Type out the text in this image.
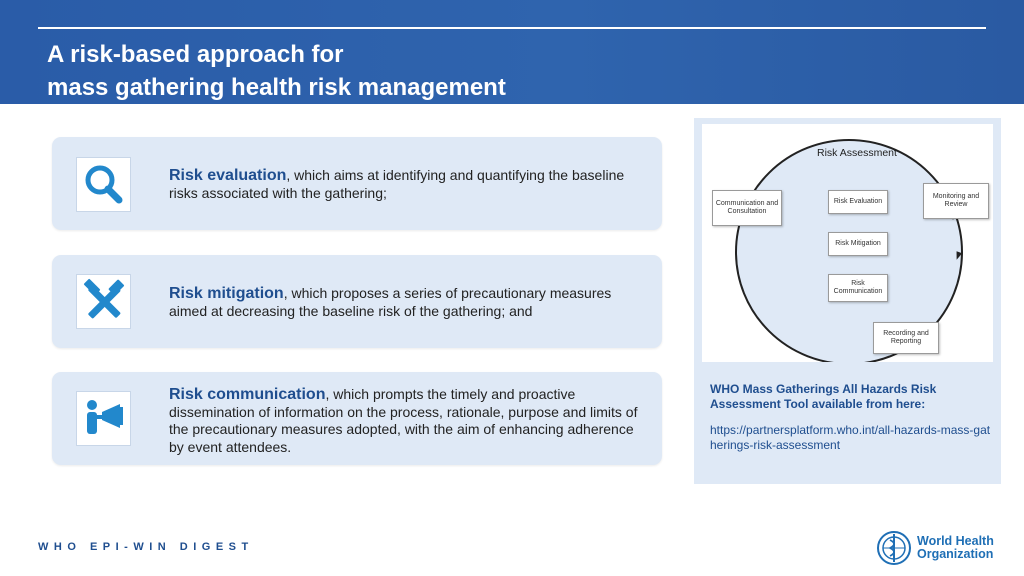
A risk-based approach for
mass gathering health risk management
Risk evaluation, which aims at identifying and quantifying the baseline risks associated with the gathering;
Risk mitigation, which proposes a series of precautionary measures aimed at decreasing the baseline risk of the gathering; and
Risk communication, which prompts the timely and proactive dissemination of information on the process, rationale, purpose and limits of the precautionary measures adopted, with the aim of enhancing adherence by event attendees.
Risk Assessment
Communication and Consultation
Risk Evaluation
Monitoring and Review
Risk Mitigation
Risk Communication
Recording and Reporting
WHO Mass Gatherings All Hazards Risk Assessment Tool available from here:
https://partnersplatform.who.int/all-hazards-mass-gatherings-risk-assessment
WHO EPI-WIN DIGEST	World Health
Organization
